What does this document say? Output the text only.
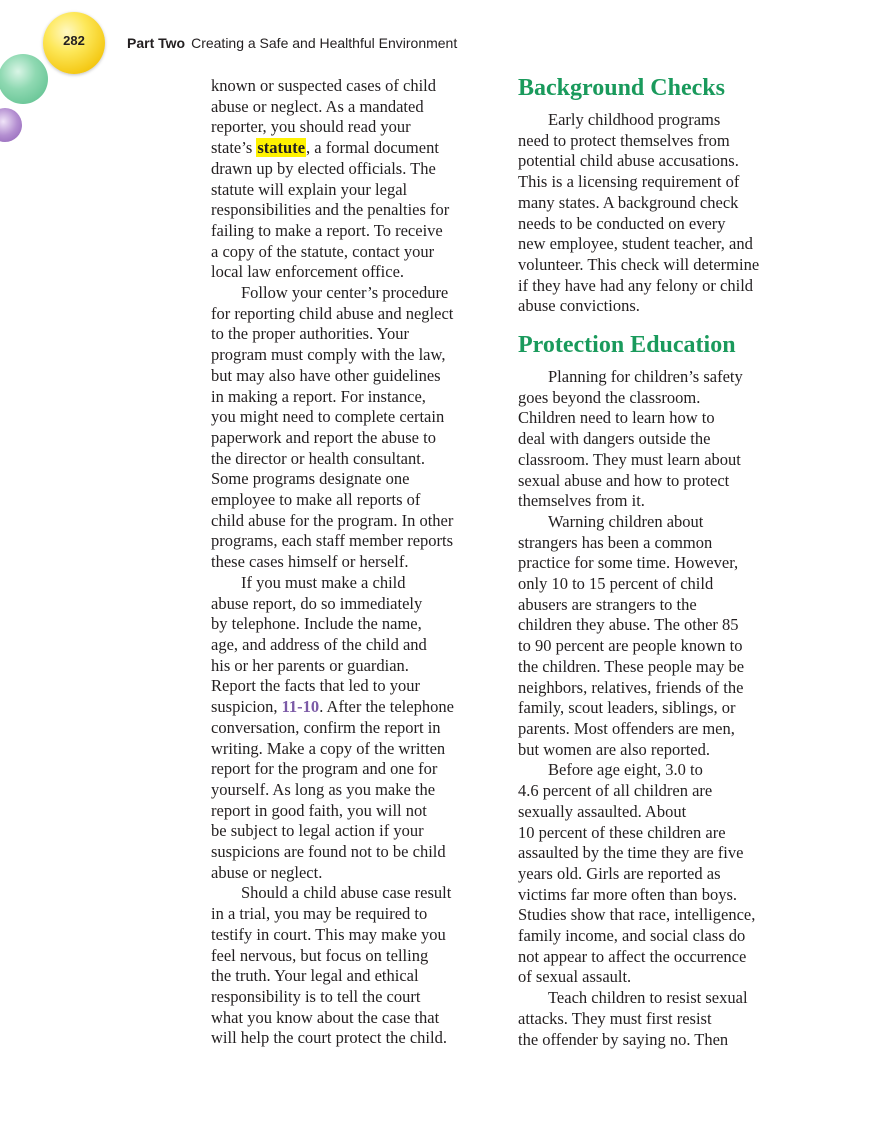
282	Part Two Creating a Safe and Healthful Environment
known or suspected cases of child
abuse or neglect. As a mandated
reporter, you should read your
state’s statute, a formal document
drawn up by elected officials. The
statute will explain your legal
responsibilities and the penalties for
failing to make a report. To receive
a copy of the statute, contact your
local law enforcement office.
Follow your center’s procedure
for reporting child abuse and neglect
to the proper authorities. Your
program must comply with the law,
but may also have other guidelines
in making a report. For instance,
you might need to complete certain
paperwork and report the abuse to
the director or health consultant.
Some programs designate one
employee to make all reports of
child abuse for the program. In other
programs, each staff member reports
these cases himself or herself.
If you must make a child
abuse report, do so immediately
by telephone. Include the name,
age, and address of the child and
his or her parents or guardian.
Report the facts that led to your
suspicion, 11-10. After the telephone
conversation, confirm the report in
writing. Make a copy of the written
report for the program and one for
yourself. As long as you make the
report in good faith, you will not
be subject to legal action if your
suspicions are found not to be child
abuse or neglect.
Should a child abuse case result
in a trial, you may be required to
testify in court. This may make you
feel nervous, but focus on telling
the truth. Your legal and ethical
responsibility is to tell the court
what you know about the case that
will help the court protect the child.
Background Checks
Early childhood programs
need to protect themselves from
potential child abuse accusations.
This is a licensing requirement of
many states. A background check
needs to be conducted on every
new employee, student teacher, and
volunteer. This check will determine
if they have had any felony or child
abuse convictions.
Protection Education
Planning for children’s safety
goes beyond the classroom.
Children need to learn how to
deal with dangers outside the
classroom. They must learn about
sexual abuse and how to protect
themselves from it.
Warning children about
strangers has been a common
practice for some time. However,
only 10 to 15 percent of child
abusers are strangers to the
children they abuse. The other 85
to 90 percent are people known to
the children. These people may be
neighbors, relatives, friends of the
family, scout leaders, siblings, or
parents. Most offenders are men,
but women are also reported.
Before age eight, 3.0 to
4.6 percent of all children are
sexually assaulted. About
10 percent of these children are
assaulted by the time they are five
years old. Girls are reported as
victims far more often than boys.
Studies show that race, intelligence,
family income, and social class do
not appear to affect the occurrence
of sexual assault.
Teach children to resist sexual
attacks. They must first resist
the offender by saying no. Then
